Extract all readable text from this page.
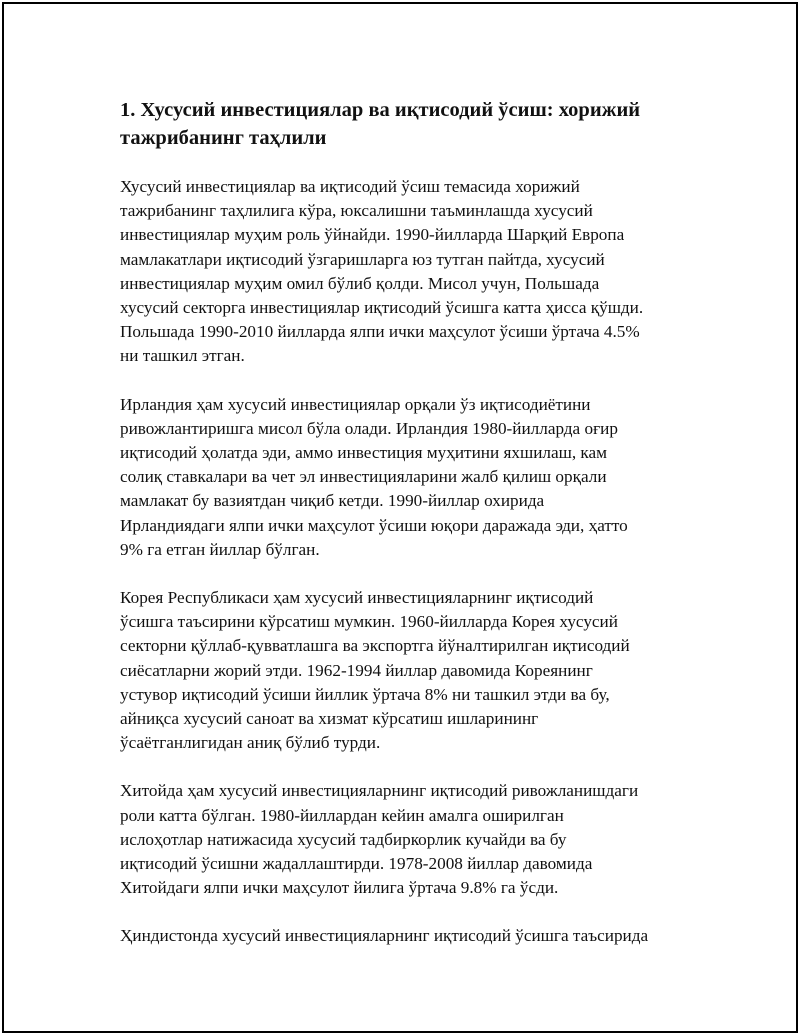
1. Хусусий инвестициялар ва иқтисодий ўсиш: хорижий
тажрибанинг таҳлили

Хусусий инвестициялар ва иқтисодий ўсиш темасида хорижий
тажрибанинг таҳлилига кўра, юксалишни таъминлашда хусусий
инвестициялар муҳим роль ўйнайди. 1990-йилларда Шарқий Европа
мамлакатлари иқтисодий ўзгаришларга юз тутган пайтда, хусусий
инвестициялар муҳим омил бўлиб қолди. Мисол учун, Польшада
хусусий секторга инвестициялар иқтисодий ўсишга катта ҳисса қўшди.
Польшада 1990-2010 йилларда ялпи ички маҳсулот ўсиши ўртача 4.5%
ни ташкил этган.

Ирландия ҳам хусусий инвестициялар орқали ўз иқтисодиётини
ривожлантиришга мисол бўла олади. Ирландия 1980-йилларда оғир
иқтисодий ҳолатда эди, аммо инвестиция муҳитини яхшилаш, кам
солиқ ставкалари ва чет эл инвестицияларини жалб қилиш орқали
мамлакат бу вазиятдан чиқиб кетди. 1990-йиллар охирида
Ирландиядаги ялпи ички маҳсулот ўсиши юқори даражада эди, ҳатто
9% га етган йиллар бўлган.

Корея Республикаси ҳам хусусий инвестицияларнинг иқтисодий
ўсишга таъсирини кўрсатиш мумкин. 1960-йилларда Корея хусусий
секторни қўллаб-қувватлашга ва экспортга йўналтирилган иқтисодий
сиёсатларни жорий этди. 1962-1994 йиллар давомида Кореянинг
устувор иқтисодий ўсиши йиллик ўртача 8% ни ташкил этди ва бу,
айниқса хусусий саноат ва хизмат кўрсатиш ишларининг
ўсаётганлигидан аниқ бўлиб турди.

Хитойда ҳам хусусий инвестицияларнинг иқтисодий ривожланишдаги
роли катта бўлган. 1980-йиллардан кейин амалга оширилган
ислоҳотлар натижасида хусусий тадбиркорлик кучайди ва бу
иқтисодий ўсишни жадаллаштирди. 1978-2008 йиллар давомида
Хитойдаги ялпи ички маҳсулот йилига ўртача 9.8% га ўсди.

Ҳиндистонда хусусий инвестицияларнинг иқтисодий ўсишга таъсирида
